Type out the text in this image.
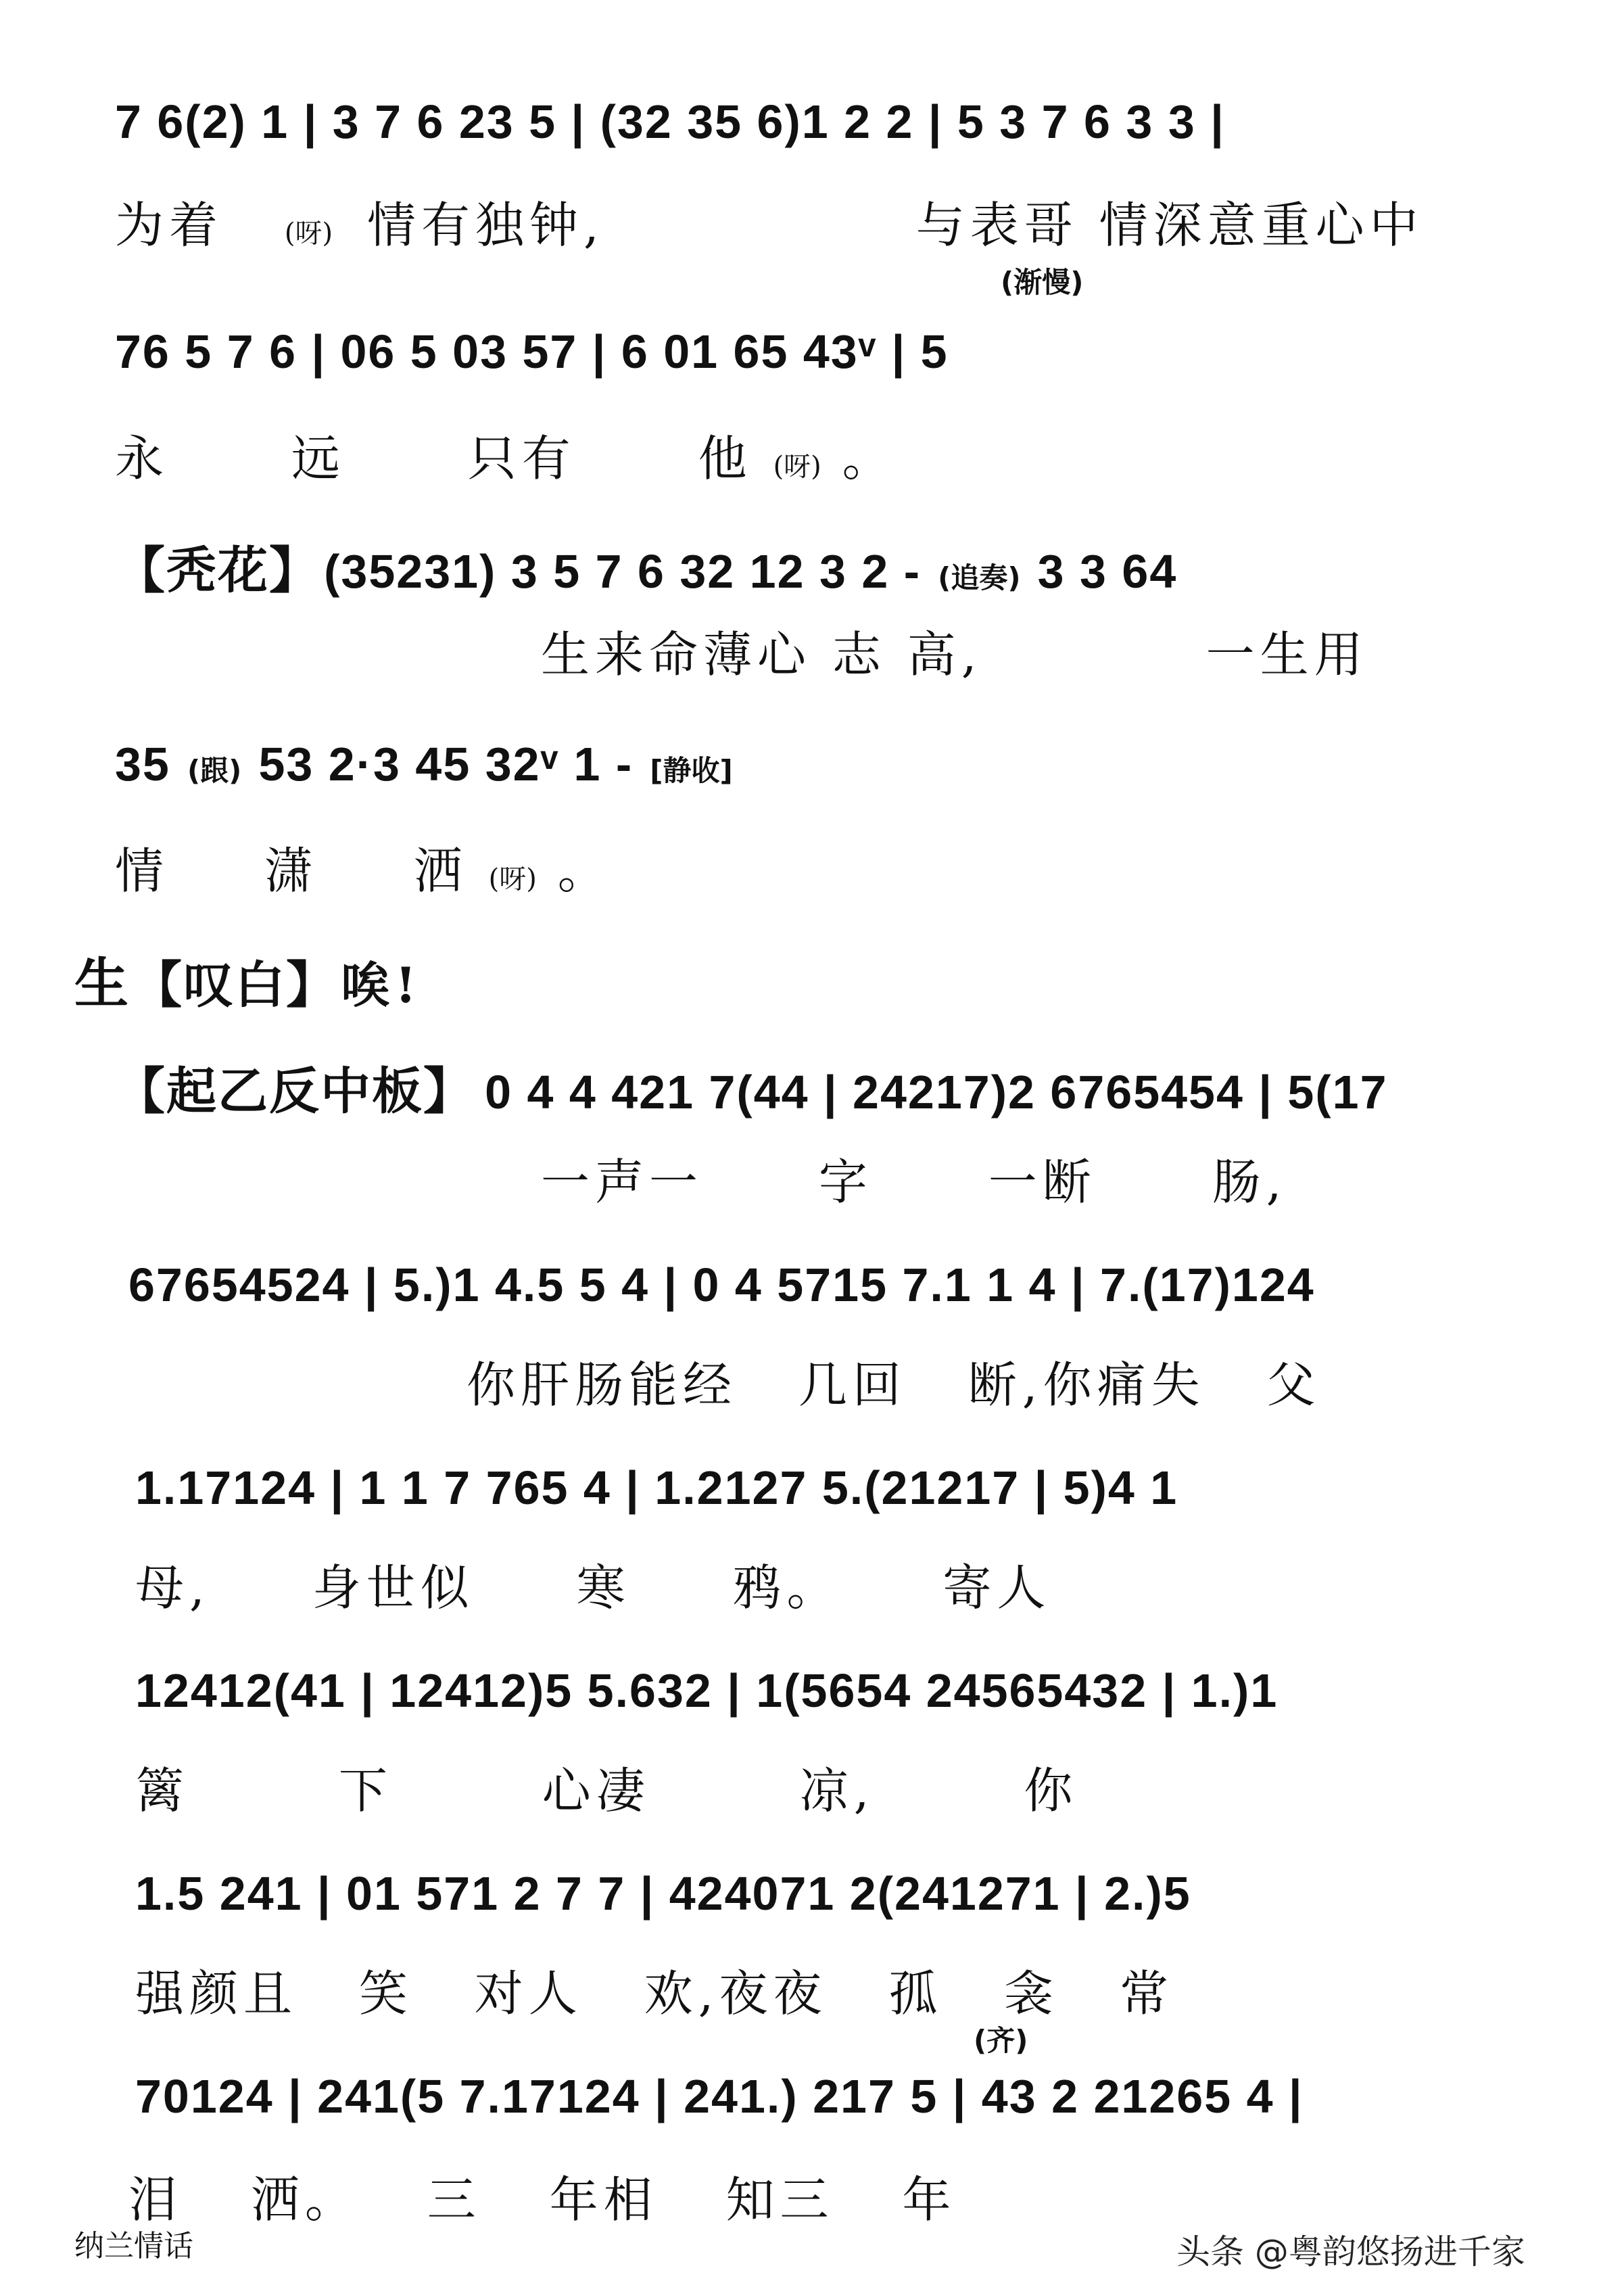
7 6(2) 1 | 3 7 6 23 5 | (32 35 6)1 2 2 | 5 3 7 6 3 3 |
为着 (呀) 情有独钟,	与表哥 情深意重心中
(渐慢)
76 5 7 6 | 06 5 03 57 | 6 01 65 43ᵛ | 5
永 远 只有 他 (呀) 。
【秃花】 (35231) 3 5 7 6 32 12 3 2 - (追奏) 3 3 64
生来命薄心 志 高,	一生用
35 (跟) 53 2·3 45 32ᵛ 1 - [静收]
情 潇 洒 (呀) 。
生 【叹白】 唉!
【起乙反中板】 0 4 4 421 7(44 | 24217)2 6765454 | 5(17
一声一 字 一断 肠,
67654524 | 5.)1 4.5 5 4 | 0 4 5715 7.1 1 4 | 7.(17)124
你肝肠能经 几回 断,你痛失 父
1.17124 | 1 1 7 765 4 | 1.2127 5.(21217 | 5)4 1
母, 身世似 寒 鸦。 寄人
12412(41 | 12412)5 5.632 | 1(5654 24565432 | 1.)1
篱 下 心凄 凉, 你
1.5 241 | 01 571 2 7 7 | 424071 2(241271 | 2.)5
强颜且 笑 对人 欢,夜夜 孤 衾 常
(齐)
70124 | 241(5 7.17124 | 241.) 217 5 | 43 2 21265 4 |
泪 洒。 三 年相 知三 年
纳兰情话	头条 @粤韵悠扬进千家
